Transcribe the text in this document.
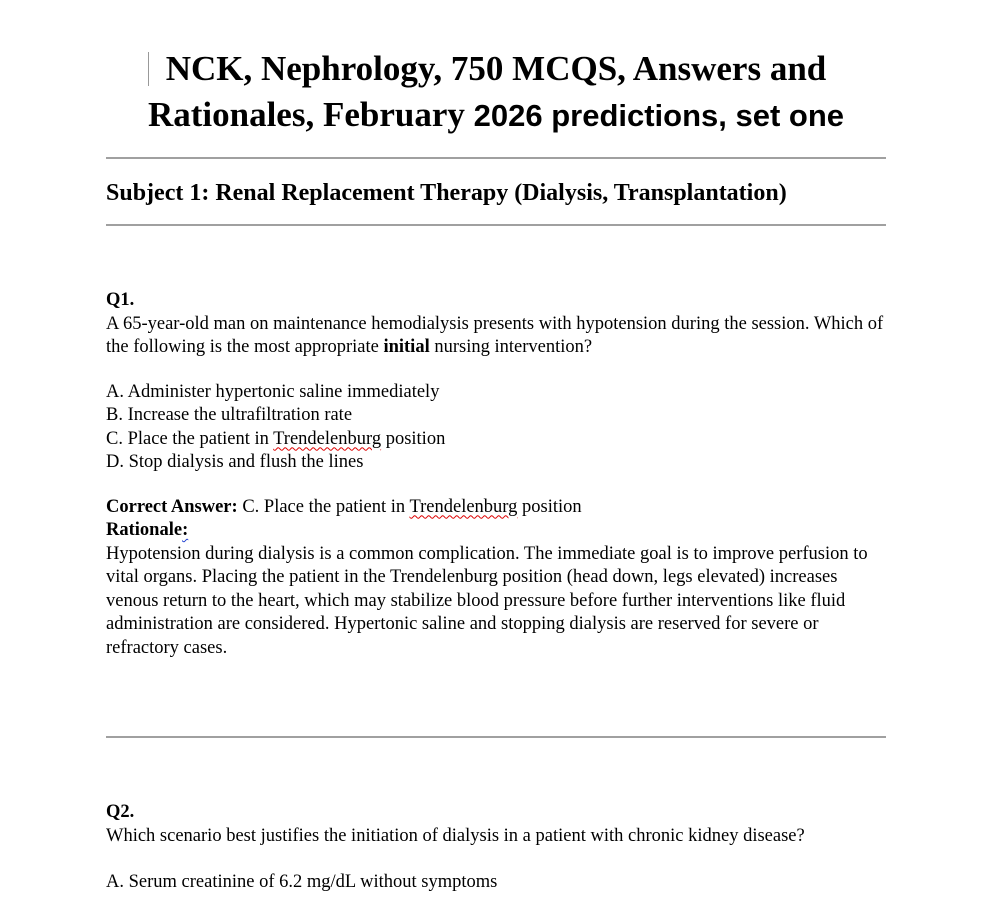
NCK, Nephrology, 750 MCQS, Answers and
Rationales, February 2026 predictions, set one
Subject 1: Renal Replacement Therapy (Dialysis, Transplantation)

Q1.

A 65-year-old man on maintenance hemodialysis presents with hypotension during the session. Which of the following is the most appropriate initial nursing intervention?

A. Administer hypertonic saline immediately

B. Increase the ultrafiltration rate

C. Place the patient in Trendelenburg position

D. Stop dialysis and flush the lines

Correct Answer: C. Place the patient in Trendelenburg position

Rationale:

Hypotension during dialysis is a common complication. The immediate goal is to improve perfusion to vital organs. Placing the patient in the Trendelenburg position (head down, legs elevated) increases venous return to the heart, which may stabilize blood pressure before further interventions like fluid administration are considered. Hypertonic saline and stopping dialysis are reserved for severe or refractory cases.

Q2.

Which scenario best justifies the initiation of dialysis in a patient with chronic kidney disease?

A. Serum creatinine of 6.2 mg/dL without symptoms
